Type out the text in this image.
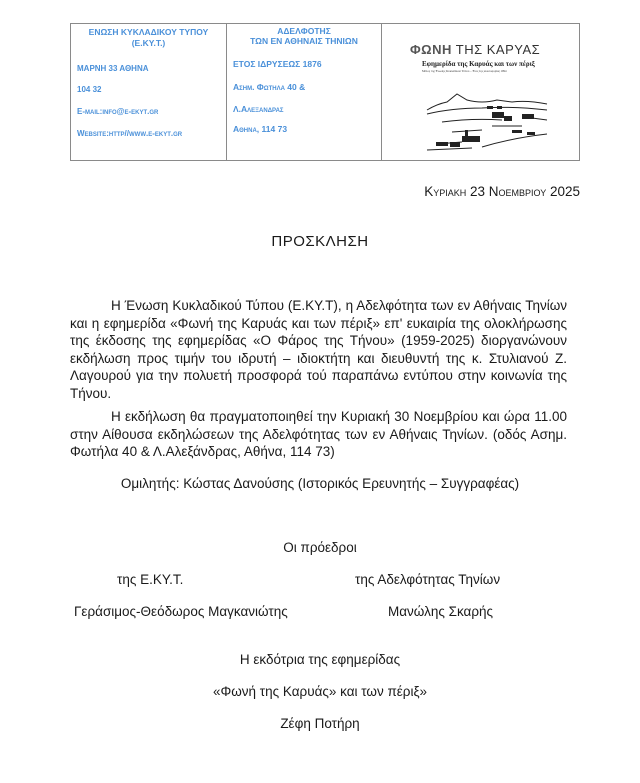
ΕΝΩΣΗ ΚΥΚΛΑΔΙΚΟΥ ΤΥΠΟΥ
(Ε.ΚΥ.Τ.)
ΜΑΡΝΗ 33 ΑΘΗΝΑ
104 32
E-mail:info@e-ekyt.gr
Website:http//www.e-ekyt.gr
ΑΔΕΛΦΟΤΗΣ
ΤΩΝ ΕΝ ΑΘΗΝΑΙΣ ΤΗΝΙΩΝ
ΕΤΟΣ ΙΔΡΥΣΕΩΣ 1876
Ασημ. Φωτηλα 40 &
Λ.Αλεξανδρας
Αθηνα, 114 73
ΦΩΝΗ ΤΗΣ ΚΑΡΥΑΣ
Εφημερίδα της Καρυάς και των πέριξ
Μέλος της Ένωσης Κυκλαδικού Τύπου – Έτος 1ης κυκλοφορίας 1994
Κυριακη 23 Νοεμβριου 2025
ΠΡΟΣΚΛΗΣΗ
Η Ένωση Κυκλαδικού Τύπου (Ε.ΚΥ.Τ), η Αδελφότητα των εν Αθήναις Τηνίων και η εφημερίδα «Φωνή της Καρυάς και των πέριξ» επ' ευκαιρία της ολοκλήρωσης της έκδοσης της εφημερίδας «Ο Φάρος της Τήνου» (1959-2025) διοργανώνουν εκδήλωση προς τιμήν του ιδρυτή – ιδιοκτήτη και διευθυντή της κ. Στυλιανού Ζ. Λαγουρού για την πολυετή προσφορά τού παραπάνω εντύπου στην κοινωνία της Τήνου.
Η εκδήλωση θα πραγματοποιηθεί την Κυριακή 30 Νοεμβρίου και ώρα 11.00 στην Αίθουσα εκδηλώσεων της Αδελφότητας των εν Αθήναις Τηνίων. (οδός Ασημ. Φωτήλα 40 & Λ.Αλεξάνδρας, Αθήνα, 114 73)
Ομιλητής: Κώστας Δανούσης (Ιστορικός Ερευνητής – Συγγραφέας)
Οι πρόεδροι
της Ε.ΚΥ.Τ.	της Αδελφότητας Τηνίων
Γεράσιμος-Θεόδωρος Μαγκανιώτης	Μανώλης Σκαρής
Η εκδότρια της εφημερίδας
«Φωνή της Καρυάς» και των πέριξ»
Ζέφη Ποτήρη
